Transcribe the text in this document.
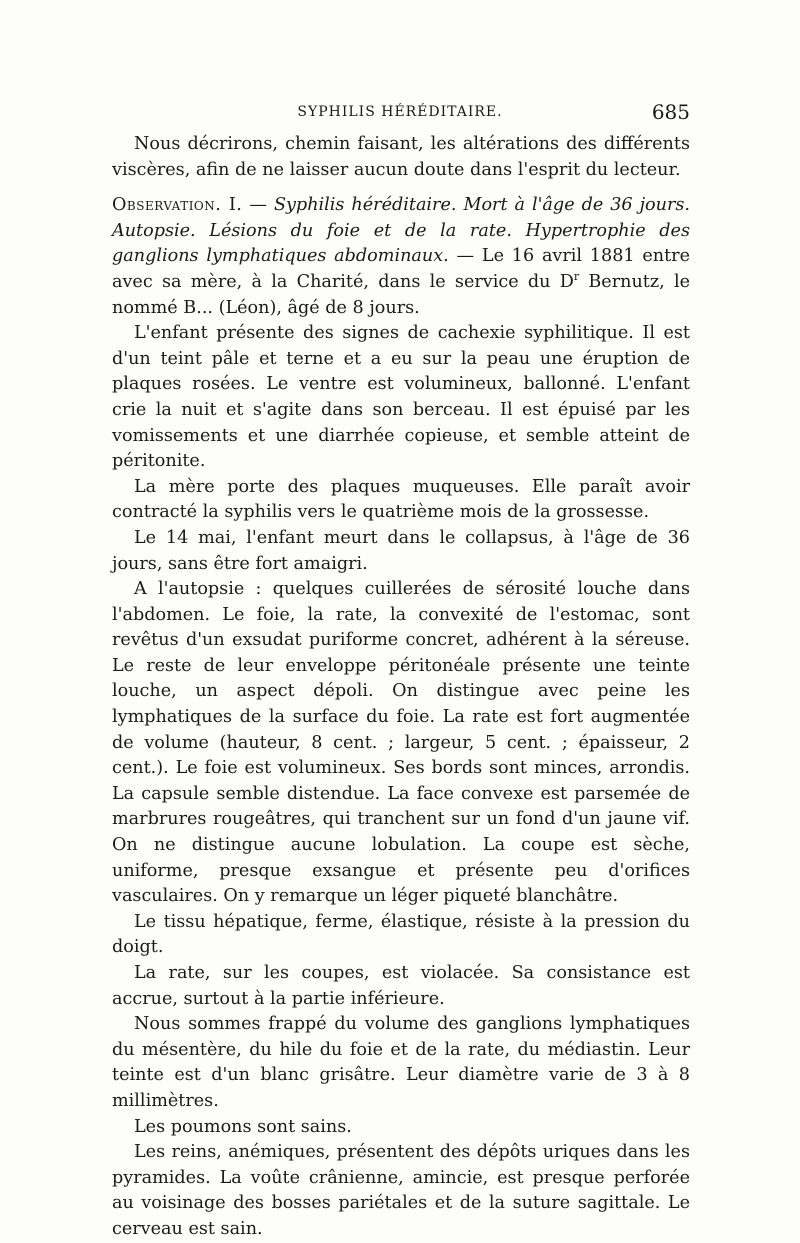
SYPHILIS HÉRÉDITAIRE.	685

Nous décrirons, chemin faisant, les altérations des différents viscères, afin de ne laisser aucun doute dans l'esprit du lecteur.

Observation. I. — Syphilis héréditaire. Mort à l'âge de 36 jours. Autopsie. Lésions du foie et de la rate. Hypertrophie des ganglions lymphatiques abdominaux. — Le 16 avril 1881 entre avec sa mère, à la Charité, dans le service du $D^r$ Bernutz, le nommé B... (Léon), âgé de 8 jours.

L'enfant présente des signes de cachexie syphilitique. Il est d'un teint pâle et terne et a eu sur la peau une éruption de plaques rosées. Le ventre est volumineux, ballonné. L'enfant crie la nuit et s'agite dans son berceau. Il est épuisé par les vomissements et une diarrhée copieuse, et semble atteint de péritonite.

La mère porte des plaques muqueuses. Elle paraît avoir contracté la syphilis vers le quatrième mois de la grossesse.

Le 14 mai, l'enfant meurt dans le collapsus, à l'âge de 36 jours, sans être fort amaigri.

A l'autopsie : quelques cuillerées de sérosité louche dans l'abdomen. Le foie, la rate, la convexité de l'estomac, sont revêtus d'un exsudat puriforme concret, adhérent à la séreuse. Le reste de leur enveloppe péritonéale présente une teinte louche, un aspect dépoli. On distingue avec peine les lymphatiques de la surface du foie. La rate est fort augmentée de volume (hauteur, 8 cent. ; largeur, 5 cent. ; épaisseur, 2 cent.). Le foie est volumineux. Ses bords sont minces, arrondis. La capsule semble distendue. La face convexe est parsemée de marbrures rougeâtres, qui tranchent sur un fond d'un jaune vif. On ne distingue aucune lobulation. La coupe est sèche, uniforme, presque exsangue et présente peu d'orifices vasculaires. On y remarque un léger piqueté blanchâtre.

Le tissu hépatique, ferme, élastique, résiste à la pression du doigt.

La rate, sur les coupes, est violacée. Sa consistance est accrue, surtout à la partie inférieure.

Nous sommes frappé du volume des ganglions lymphatiques du mésentère, du hile du foie et de la rate, du médiastin. Leur teinte est d'un blanc grisâtre. Leur diamètre varie de 3 à 8 millimètres.

Les poumons sont sains.

Les reins, anémiques, présentent des dépôts uriques dans les pyramides. La voûte crânienne, amincie, est presque perforée au voisinage des bosses pariétales et de la suture sagittale. Le cerveau est sain.
